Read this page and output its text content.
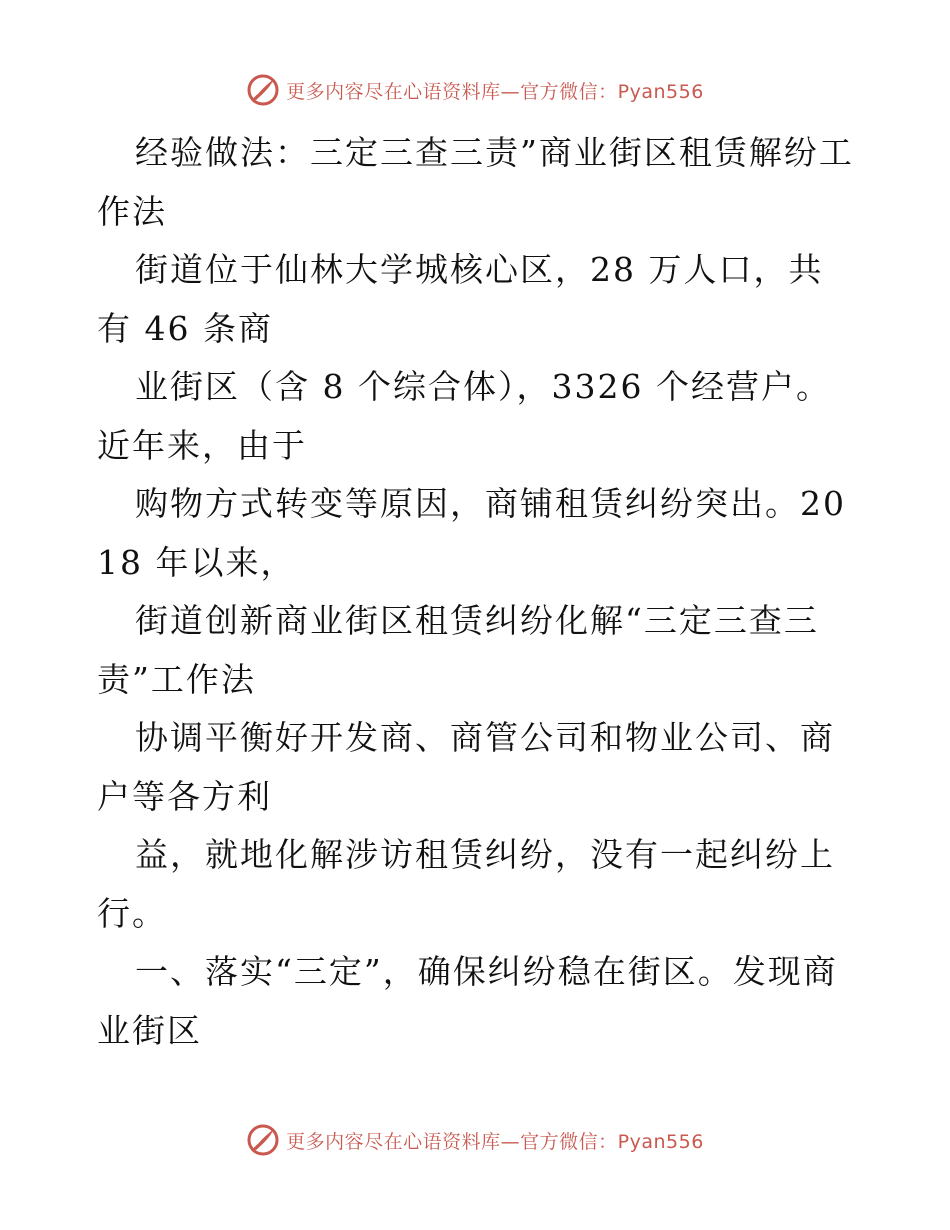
更多内容尽在心语资料库—官方微信：Pyan556

经验做法：三定三查三责”商业街区租赁解纷工作法

街道位于仙林大学城核心区，28 万人口，共有 46 条商

业街区（含 8 个综合体），3326 个经营户。近年来，由于

购物方式转变等原因，商铺租赁纠纷突出。2018 年以来，

街道创新商业街区租赁纠纷化解“三定三查三责”工作法

协调平衡好开发商、商管公司和物业公司、商户等各方利

益，就地化解涉访租赁纠纷，没有一起纠纷上行。

一、落实“三定”，确保纠纷稳在街区。发现商业街区

更多内容尽在心语资料库—官方微信：Pyan556
